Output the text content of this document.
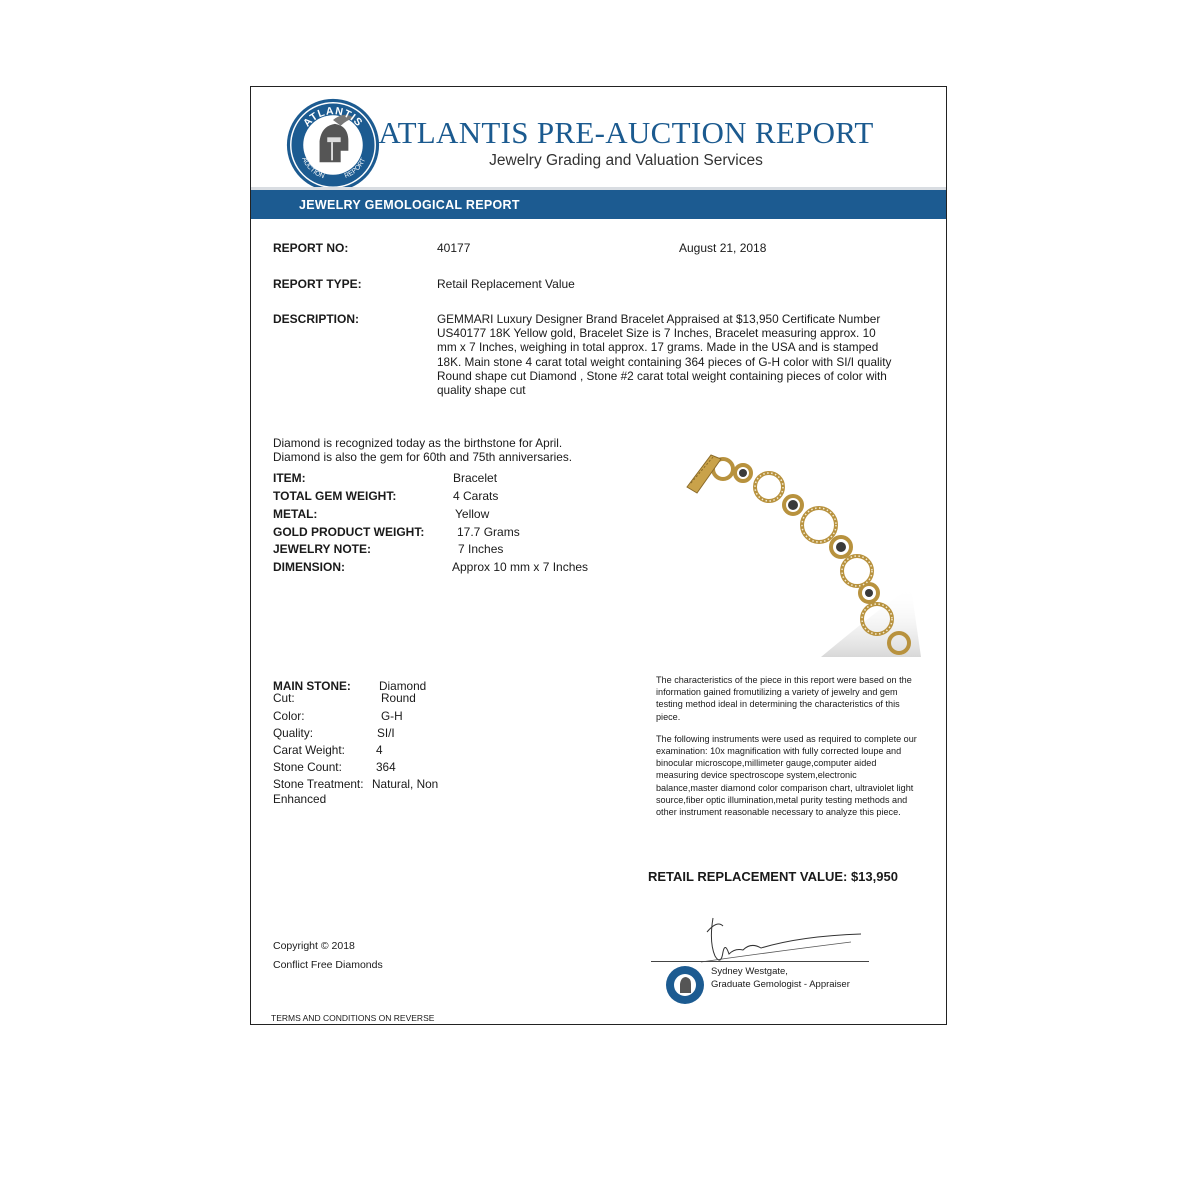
ATLANTIS
AUCTION	REPORT
ATLANTIS PRE-AUCTION REPORT
Jewelry Grading and Valuation Services
JEWELRY GEMOLOGICAL REPORT
REPORT NO:	40177	August 21, 2018
REPORT TYPE:	Retail Replacement Value
DESCRIPTION:	GEMMARI Luxury Designer Brand Bracelet Appraised at $13,950 Certificate Number US40177 18K Yellow gold, Bracelet Size is 7 Inches, Bracelet measuring approx. 10 mm x 7 Inches, weighing in total approx. 17 grams. Made in the USA and is stamped 18K. Main stone 4 carat total weight containing 364 pieces of G-H color with SI/I quality Round shape cut Diamond , Stone #2 carat total weight containing pieces of color with quality shape cut
Diamond is recognized today as the birthstone for April.
Diamond is also the gem for 60th and 75th anniversaries.
ITEM:	Bracelet
TOTAL GEM WEIGHT:	4 Carats
METAL:	Yellow
GOLD PRODUCT WEIGHT:	17.7 Grams
JEWELRY NOTE:	7 Inches
DIMENSION:	Approx 10 mm x 7 Inches
MAIN STONE: Diamond
Cut:	Round
Color:	G-H
Quality:	SI/I
Carat Weight:	4
Stone Count:	364
Stone Treatment: Natural, Non
Enhanced
The characteristics of the piece in this report were based on the information gained fromutilizing a variety of jewelry and gem testing method ideal in determining the characteristics of this piece.
The following instruments were used as required to complete our examination: 10x magnification with fully corrected loupe and binocular microscope,millimeter gauge,computer aided measuring device spectroscope system,electronic balance,master diamond color comparison chart, ultraviolet light source,fiber optic illumination,metal purity testing methods and other instrument reasonable necessary to analyze this piece.
RETAIL REPLACEMENT VALUE: $13,950
Copyright © 2018
Conflict Free Diamonds
Sydney Westgate,
Graduate Gemologist - Appraiser
TERMS AND CONDITIONS ON REVERSE
